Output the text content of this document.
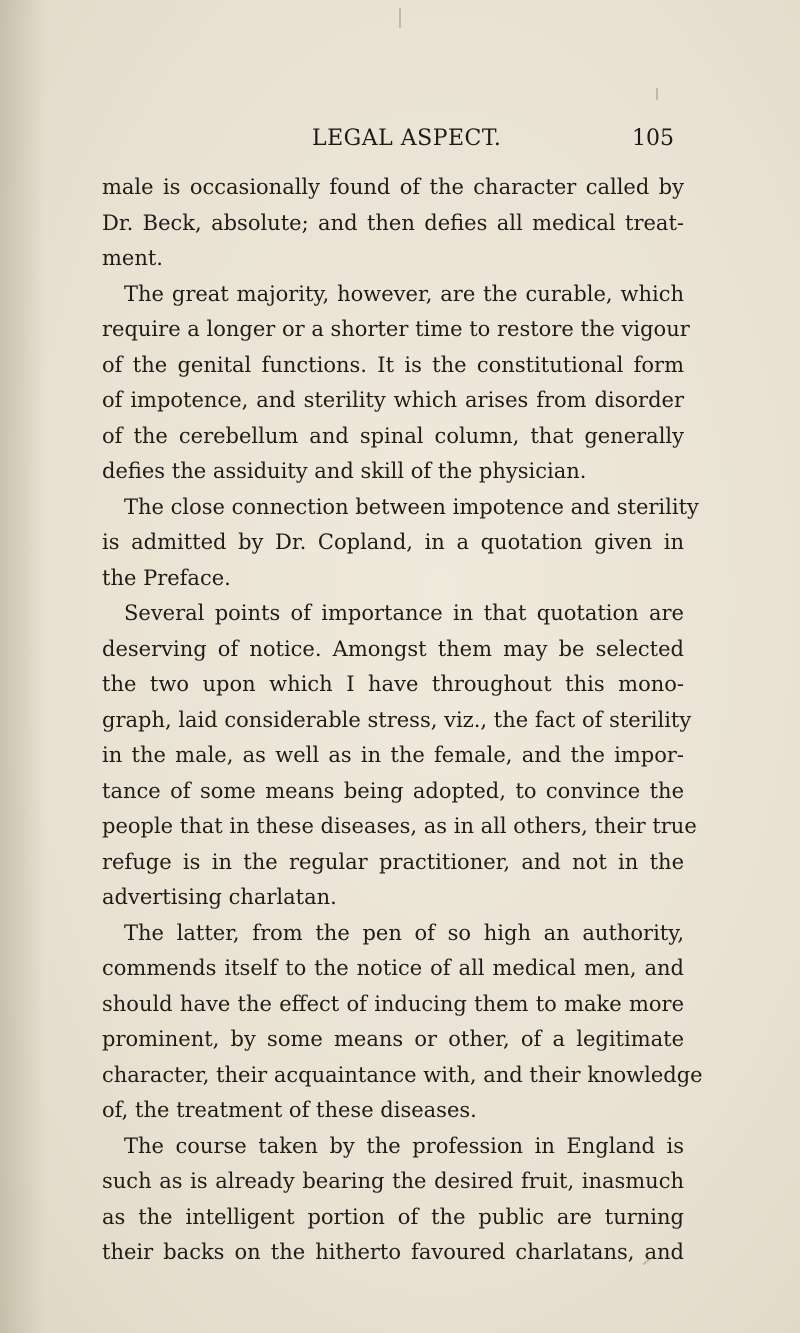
LEGAL ASPECT.	105
male is occasionally found of the character called by
Dr. Beck, absolute; and then defies all medical treat-
ment.
The great majority, however, are the curable, which
require a longer or a shorter time to restore the vigour
of the genital functions. It is the constitutional form
of impotence, and sterility which arises from disorder
of the cerebellum and spinal column, that generally
defies the assiduity and skill of the physician.
The close connection between impotence and sterility
is admitted by Dr. Copland, in a quotation given in
the Preface.
Several points of importance in that quotation are
deserving of notice. Amongst them may be selected
the two upon which I have throughout this mono-
graph, laid considerable stress, viz., the fact of sterility
in the male, as well as in the female, and the impor-
tance of some means being adopted, to convince the
people that in these diseases, as in all others, their true
refuge is in the regular practitioner, and not in the
advertising charlatan.
The latter, from the pen of so high an authority,
commends itself to the notice of all medical men, and
should have the effect of inducing them to make more
prominent, by some means or other, of a legitimate
character, their acquaintance with, and their knowledge
of, the treatment of these diseases.
The course taken by the profession in England is
such as is already bearing the desired fruit, inasmuch
as the intelligent portion of the public are turning
their backs on the hitherto favoured charlatans, and
